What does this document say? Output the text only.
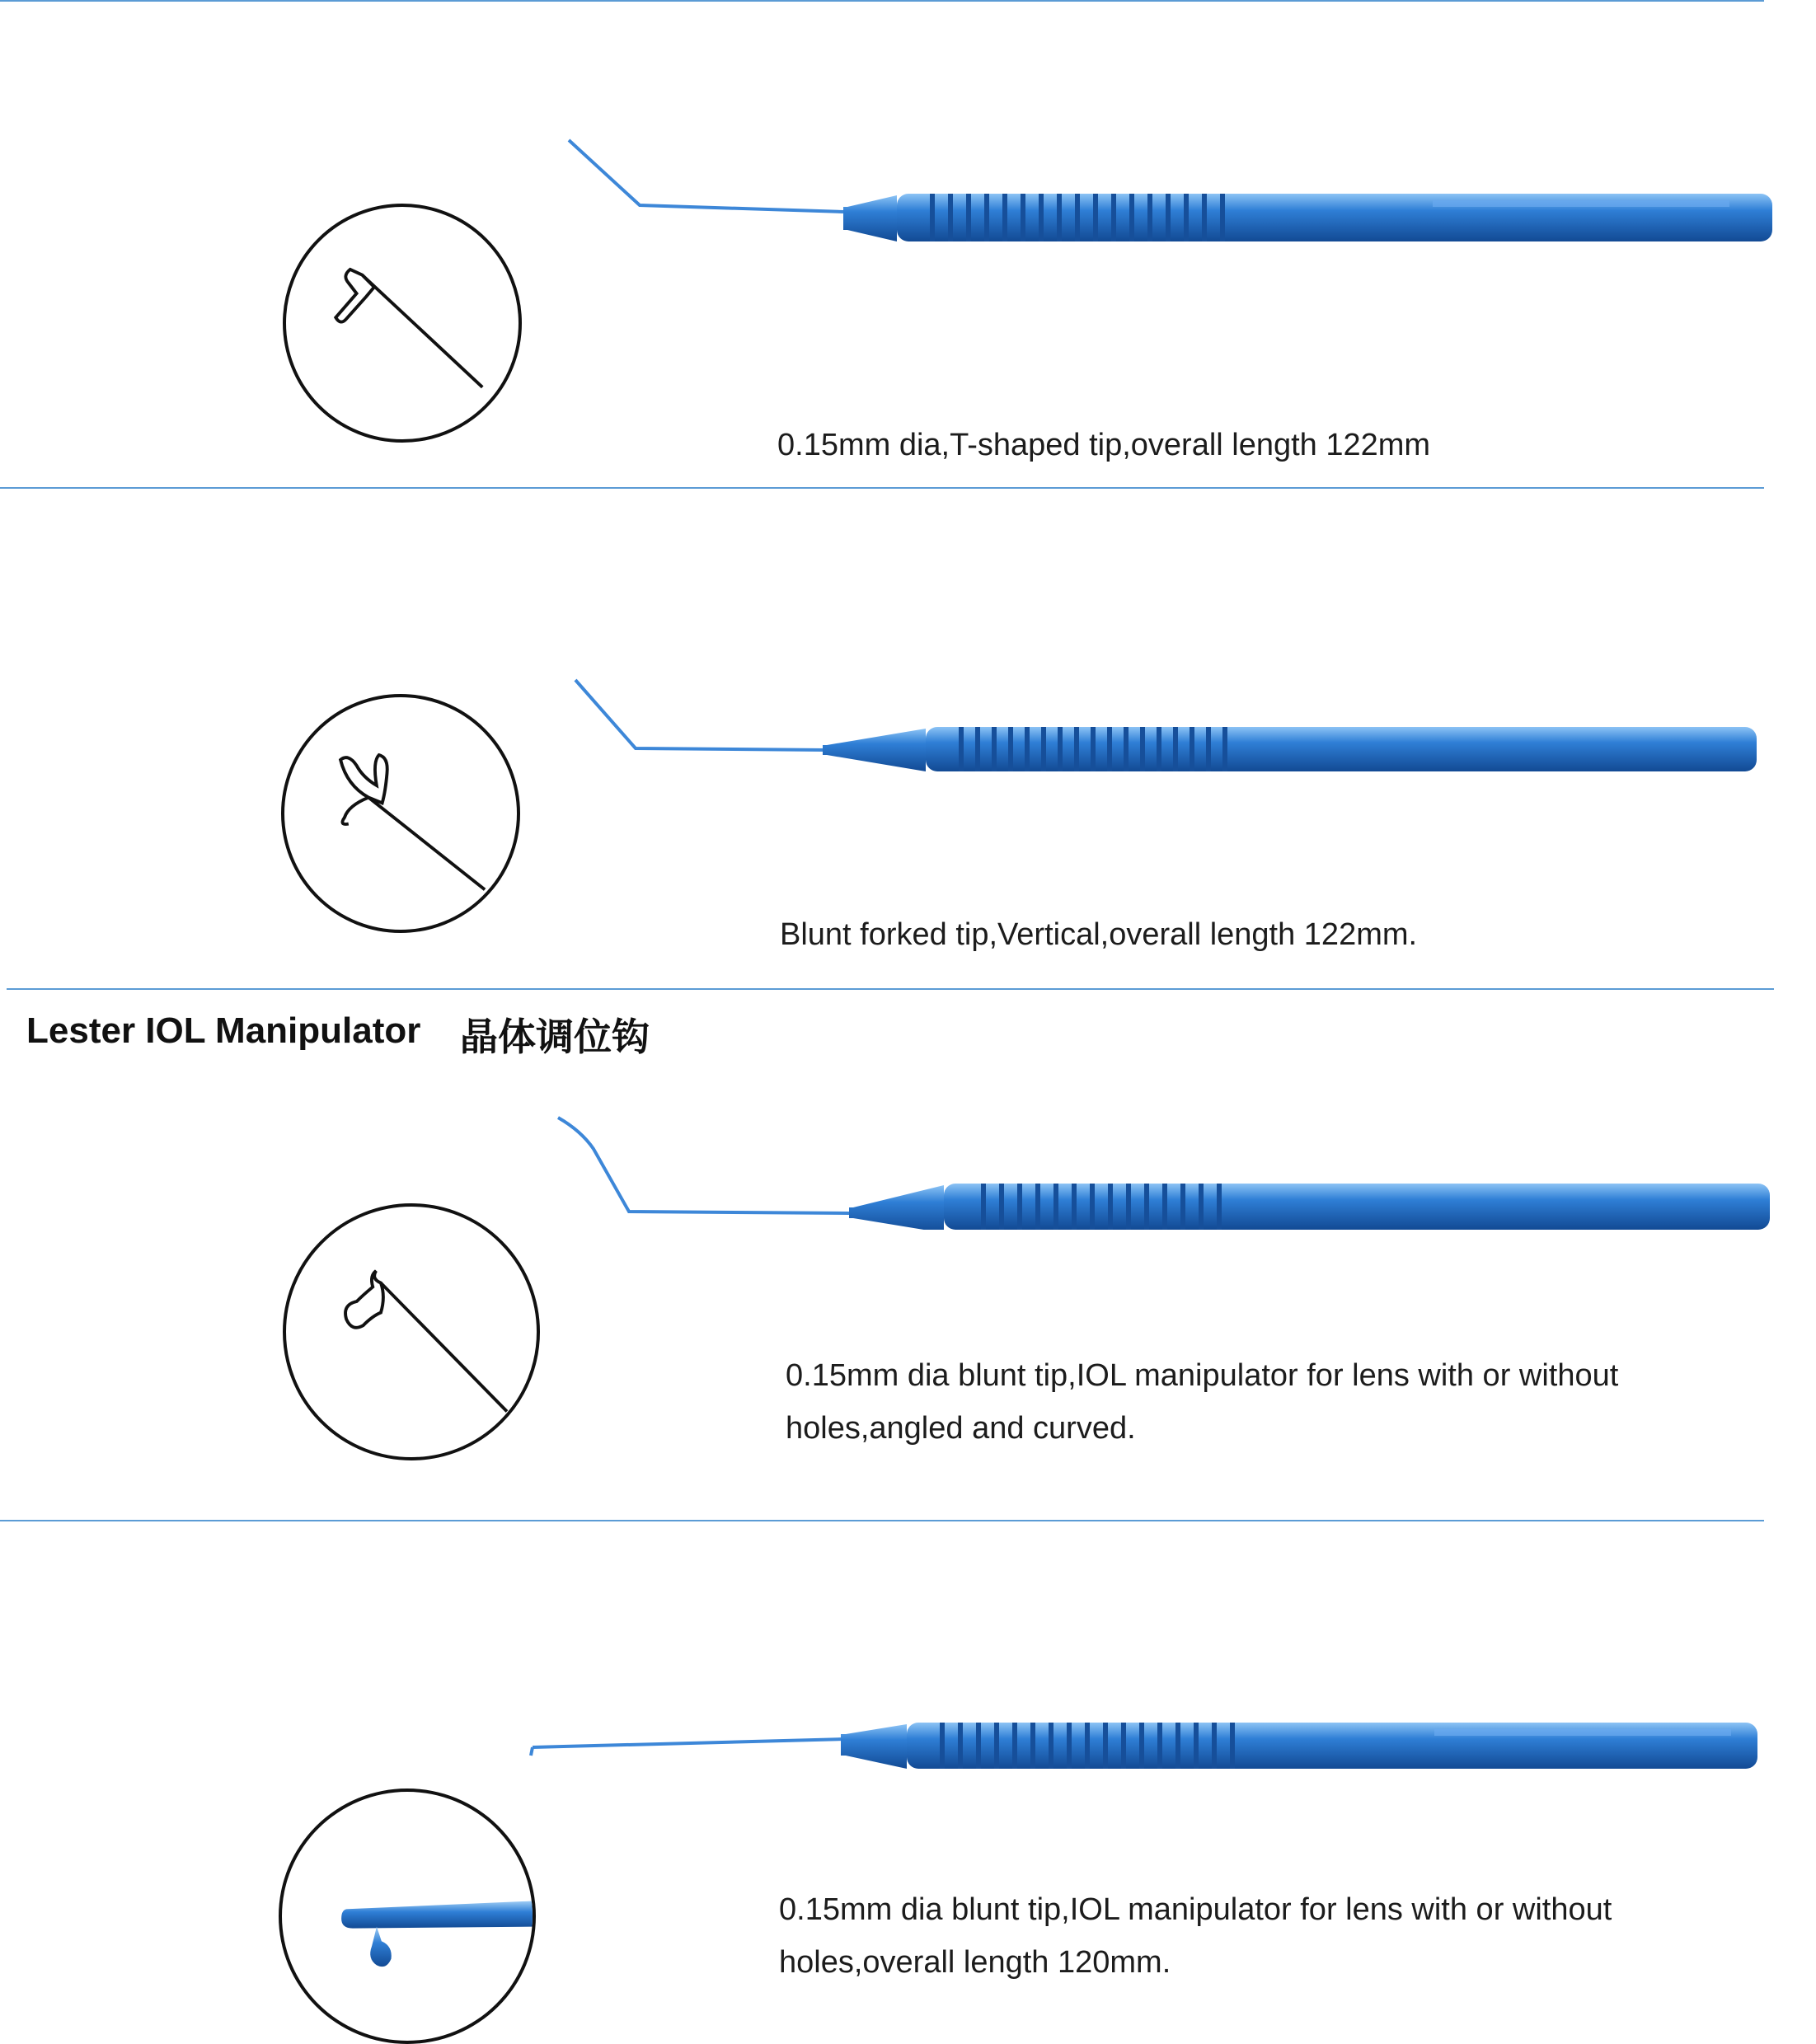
0.15mm dia,T-shaped tip,overall length 122mm
Blunt forked tip,Vertical,overall length 122mm.
Lester IOL Manipulator 晶体调位钩
0.15mm dia blunt tip,IOL manipulator for lens with or without
holes,angled and curved.
0.15mm dia blunt tip,IOL manipulator for lens with or without
holes,overall length 120mm.
